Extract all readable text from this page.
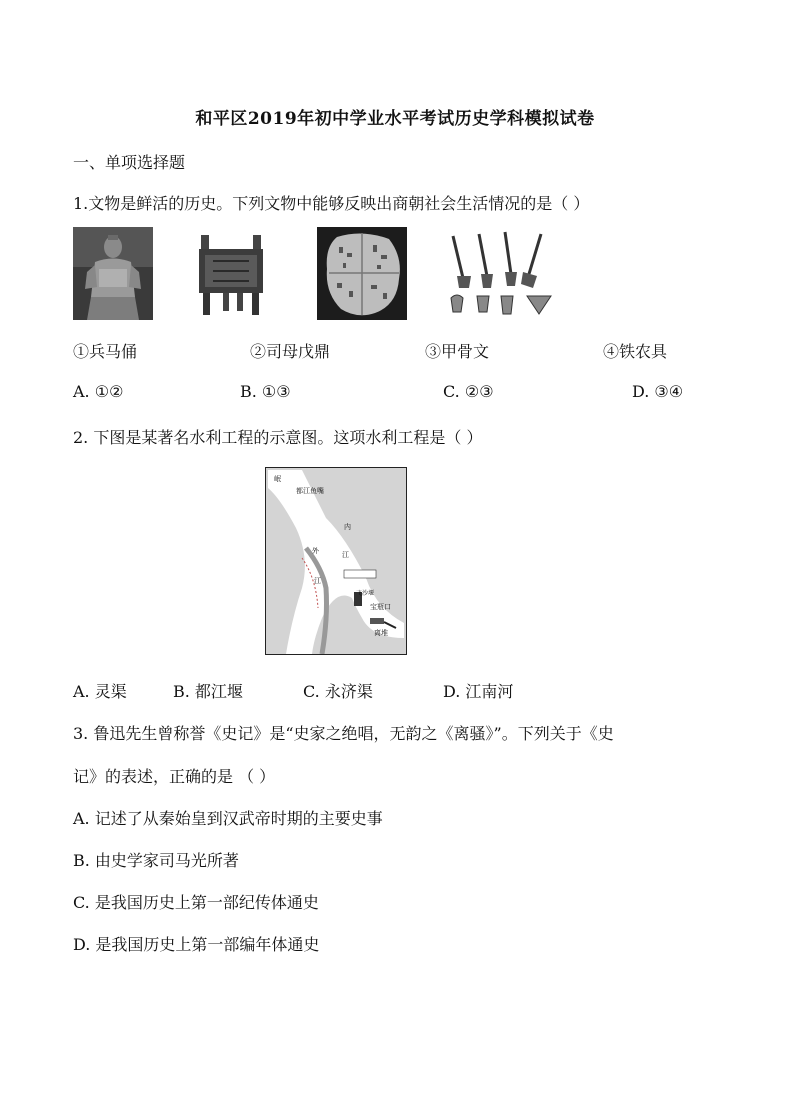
和平区2019年初中学业水平考试历史学科模拟试卷
一、单项选择题
1.文物是鲜活的历史。下列文物中能够反映出商朝社会生活情况的是（ ）
①兵马俑	②司母戊鼎	③甲骨文	④铁农具
A. ①②	B. ①③	C. ②③	D. ③④
2. 下图是某著名水利工程的示意图。这项水利工程是（ ）
岷
都江鱼嘴
内
江
外
江
飞沙堰
宝瓶口
离堆
A. 灵渠	B. 都江堰	C. 永济渠	D. 江南河
3. 鲁迅先生曾称誉《史记》是“史家之绝唱，无韵之《离骚》”。下列关于《史
记》的表述，正确的是 （ ）
A. 记述了从秦始皇到汉武帝时期的主要史事
B. 由史学家司马光所著
C. 是我国历史上第一部纪传体通史
D. 是我国历史上第一部编年体通史
